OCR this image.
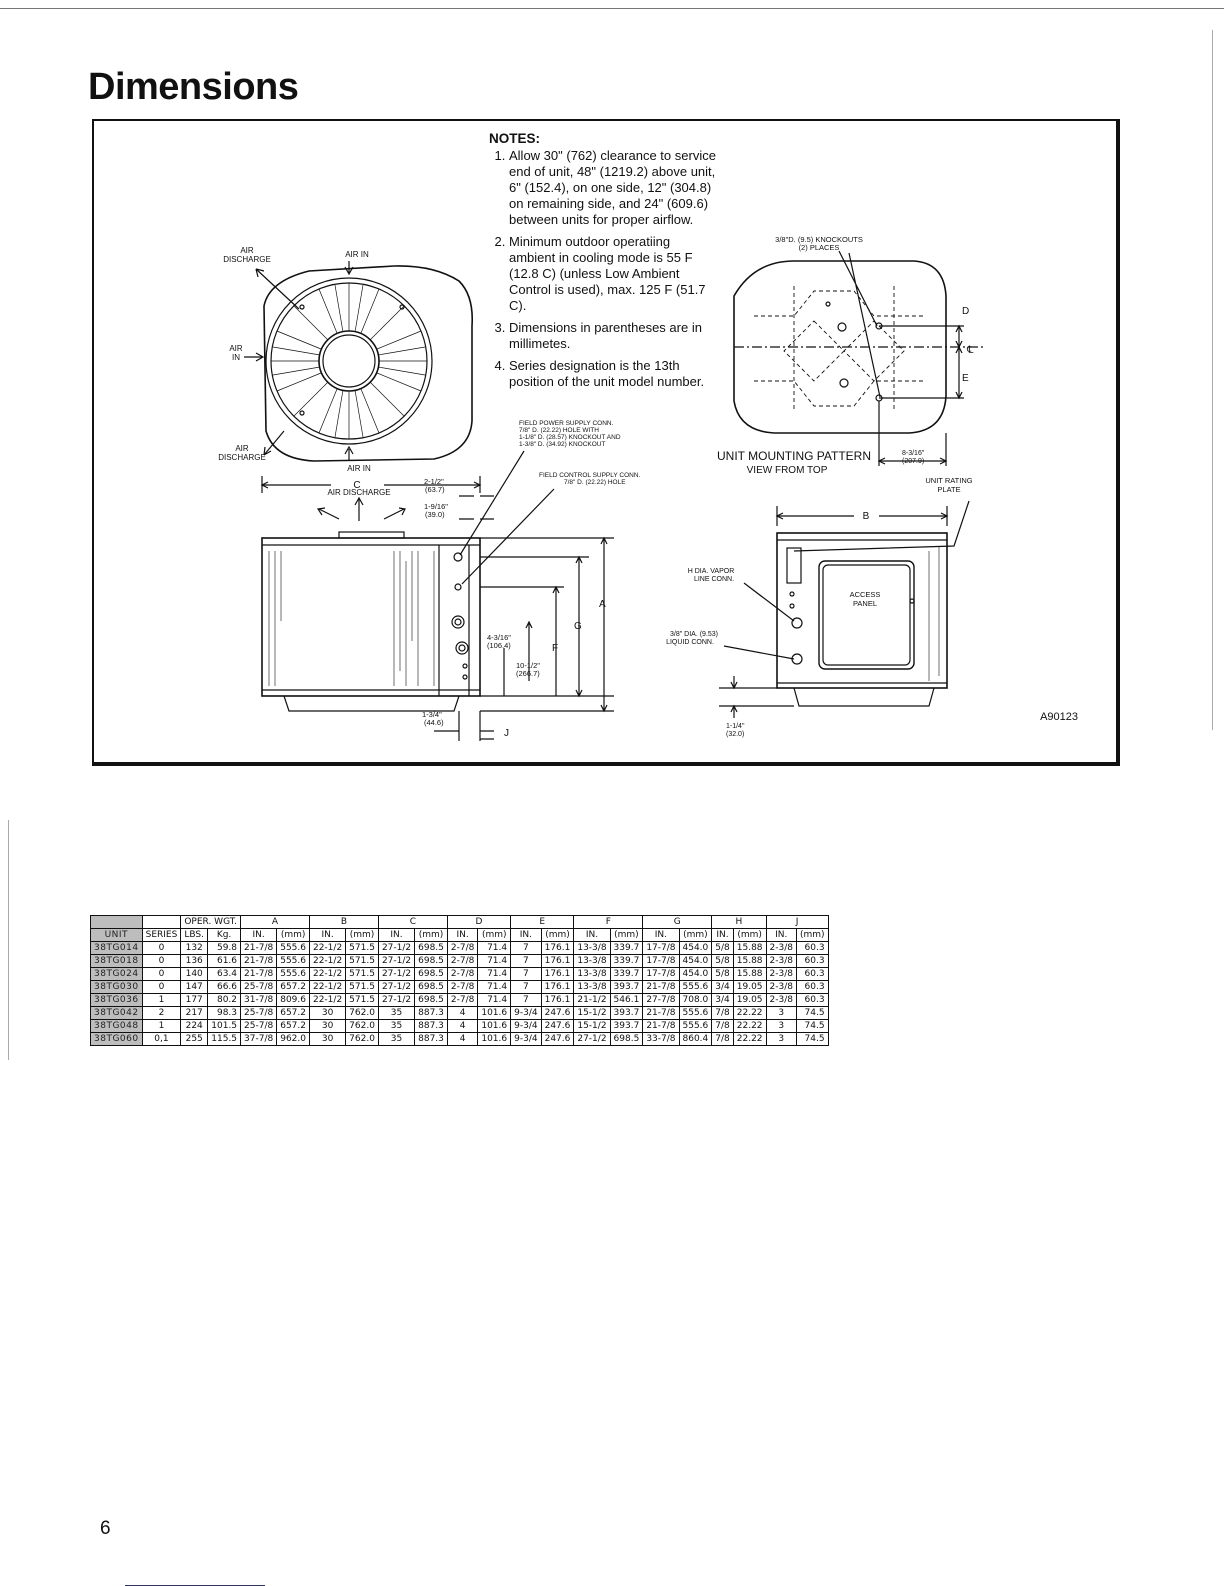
Dimensions
AIR DISCHARGE
AIR IN
AIR IN
AIR DISCHARGE
AIR IN
AIR DISCHARGE
C	2-1/2" (63.7)
1-9/16" (39.0)
A
G
F
4-3/16" (106.4)
10-1/2" (266.7)
1-3/4" (44.6)
J
FIELD POWER SUPPLY CONN. 7/8" D. (22.22) HOLE WITH 1-1/8" D. (28.57) KNOCKOUT AND 1-3/8" D. (34.92) KNOCKOUT
FIELD CONTROL SUPPLY CONN. 7/8" D. (22.22) HOLE
3/8"D. (9.5) KNOCKOUTS (2) PLACES
D
℄
E
UNIT MOUNTING PATTERN
VIEW FROM TOP
8-3/16" (207.9)
ACCESS PANEL
B
UNIT RATING PLATE
H DIA. VAPOR LINE CONN.
3/8" DIA. (9.53) LIQUID CONN.
1-1/4" (32.0)
NOTES:
1. Allow 30" (762) clearance to service end of unit, 48" (1219.2) above unit, 6" (152.4), on one side, 12" (304.8) on remaining side, and 24" (609.6) between units for proper airflow.
2. Minimum outdoor operatiing ambient in cooling mode is 55 F (12.8 C) (unless Low Ambient Control is used), max. 125 F (51.7 C).
3. Dimensions in parentheses are in millimetes.
4. Series designation is the 13th position of the unit model number.
A90123
		OPER. WGT.		A		B		C		D		E		F		G		H		J	
UNIT	SERIES	LBS.	Kg.	IN.	(mm)	IN.	(mm)	IN.	(mm)	IN.	(mm)	IN.	(mm)	IN.	(mm)	IN.	(mm)	IN.	(mm)	IN.	(mm)
38TG014	0	132	59.8	21-7/8	555.6	22-1/2	571.5	27-1/2	698.5	2-7/8	71.4	7	176.1	13-3/8	339.7	17-7/8	454.0	5/8	15.88	2-3/8	60.3
38TG018	0	136	61.6	21-7/8	555.6	22-1/2	571.5	27-1/2	698.5	2-7/8	71.4	7	176.1	13-3/8	339.7	17-7/8	454.0	5/8	15.88	2-3/8	60.3
38TG024	0	140	63.4	21-7/8	555.6	22-1/2	571.5	27-1/2	698.5	2-7/8	71.4	7	176.1	13-3/8	339.7	17-7/8	454.0	5/8	15.88	2-3/8	60.3
38TG030	0	147	66.6	25-7/8	657.2	22-1/2	571.5	27-1/2	698.5	2-7/8	71.4	7	176.1	13-3/8	393.7	21-7/8	555.6	3/4	19.05	2-3/8	60.3
38TG036	1	177	80.2	31-7/8	809.6	22-1/2	571.5	27-1/2	698.5	2-7/8	71.4	7	176.1	21-1/2	546.1	27-7/8	708.0	3/4	19.05	2-3/8	60.3
38TG042	2	217	98.3	25-7/8	657.2	30	762.0	35	887.3	4	101.6	9-3/4	247.6	15-1/2	393.7	21-7/8	555.6	7/8	22.22	3	74.5
38TG048	1	224	101.5	25-7/8	657.2	30	762.0	35	887.3	4	101.6	9-3/4	247.6	15-1/2	393.7	21-7/8	555.6	7/8	22.22	3	74.5
38TG060	0,1	255	115.5	37-7/8	962.0	30	762.0	35	887.3	4	101.6	9-3/4	247.6	27-1/2	698.5	33-7/8	860.4	7/8	22.22	3	74.5
6
